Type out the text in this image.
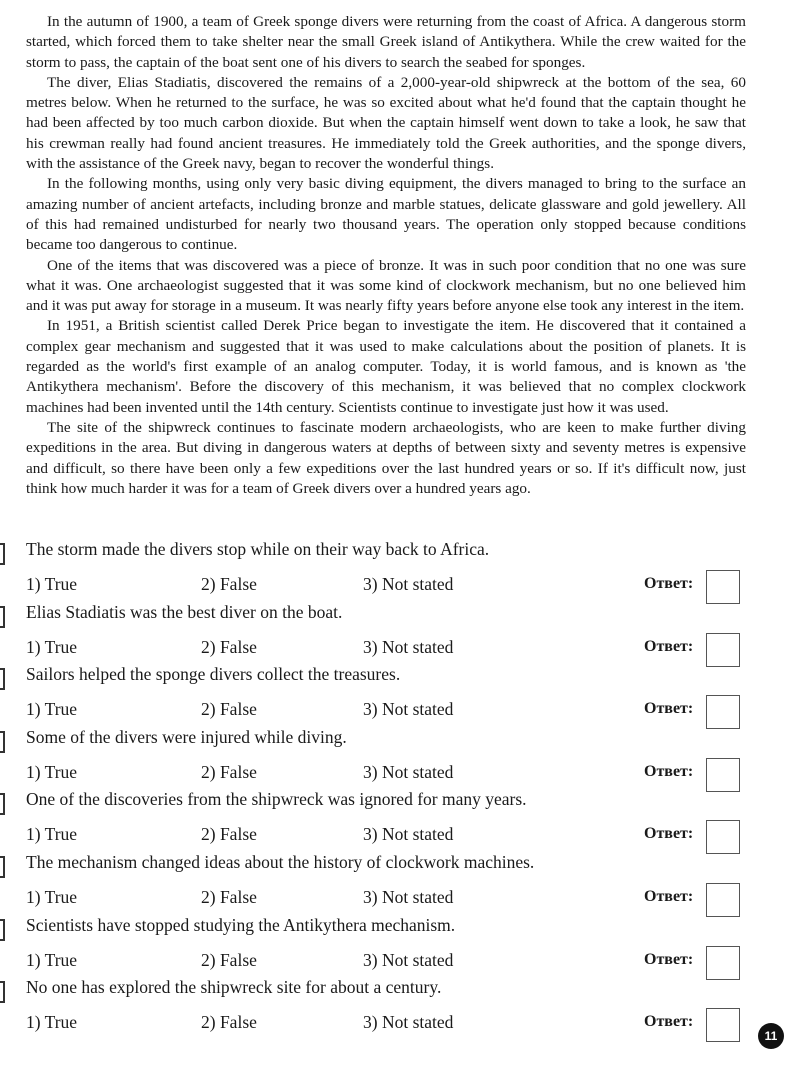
In the autumn of 1900, a team of Greek sponge divers were returning from the coast of Africa. A dangerous storm started, which forced them to take shelter near the small Greek island of Antikythera. While the crew waited for the storm to pass, the captain of the boat sent one of his divers to search the seabed for sponges.

The diver, Elias Stadiatis, discovered the remains of a 2,000-year-old shipwreck at the bottom of the sea, 60 metres below. When he returned to the surface, he was so excited about what he'd found that the captain thought he had been affected by too much carbon dioxide. But when the captain himself went down to take a look, he saw that his crewman really had found ancient treasures. He immediately told the Greek authorities, and the sponge divers, with the assistance of the Greek navy, began to recover the wonderful things.

In the following months, using only very basic diving equipment, the divers managed to bring to the surface an amazing number of ancient artefacts, including bronze and marble statues, delicate glassware and gold jewellery. All of this had remained undisturbed for nearly two thousand years. The operation only stopped because conditions became too dangerous to continue.

One of the items that was discovered was a piece of bronze. It was in such poor condition that no one was sure what it was. One archaeologist suggested that it was some kind of clockwork mechanism, but no one believed him and it was put away for storage in a museum. It was nearly fifty years before anyone else took any interest in the item.

In 1951, a British scientist called Derek Price began to investigate the item. He discovered that it contained a complex gear mechanism and suggested that it was used to make calculations about the position of planets. It is regarded as the world's first example of an analog computer. Today, it is world famous, and is known as 'the Antikythera mechanism'. Before the discovery of this mechanism, it was believed that no complex clockwork machines had been invented until the 14th century. Scientists continue to investigate just how it was used.

The site of the shipwreck continues to fascinate modern archaeologists, who are keen to make further diving expeditions in the area. But diving in dangerous waters at depths of between sixty and seventy metres is expensive and difficult, so there have been only a few expeditions over the last hundred years or so. If it's difficult now, just think how much harder it was for a team of Greek divers over a hundred years ago.

The storm made the divers stop while on their way back to Africa.
1) True	2) False	3) Not stated	Ответ:
Elias Stadiatis was the best diver on the boat.
1) True	2) False	3) Not stated	Ответ:
Sailors helped the sponge divers collect the treasures.
1) True	2) False	3) Not stated	Ответ:
Some of the divers were injured while diving.
1) True	2) False	3) Not stated	Ответ:
One of the discoveries from the shipwreck was ignored for many years.
1) True	2) False	3) Not stated	Ответ:
The mechanism changed ideas about the history of clockwork machines.
1) True	2) False	3) Not stated	Ответ:
Scientists have stopped studying the Antikythera mechanism.
1) True	2) False	3) Not stated	Ответ:
No one has explored the shipwreck site for about a century.
1) True	2) False	3) Not stated	Ответ:
11
